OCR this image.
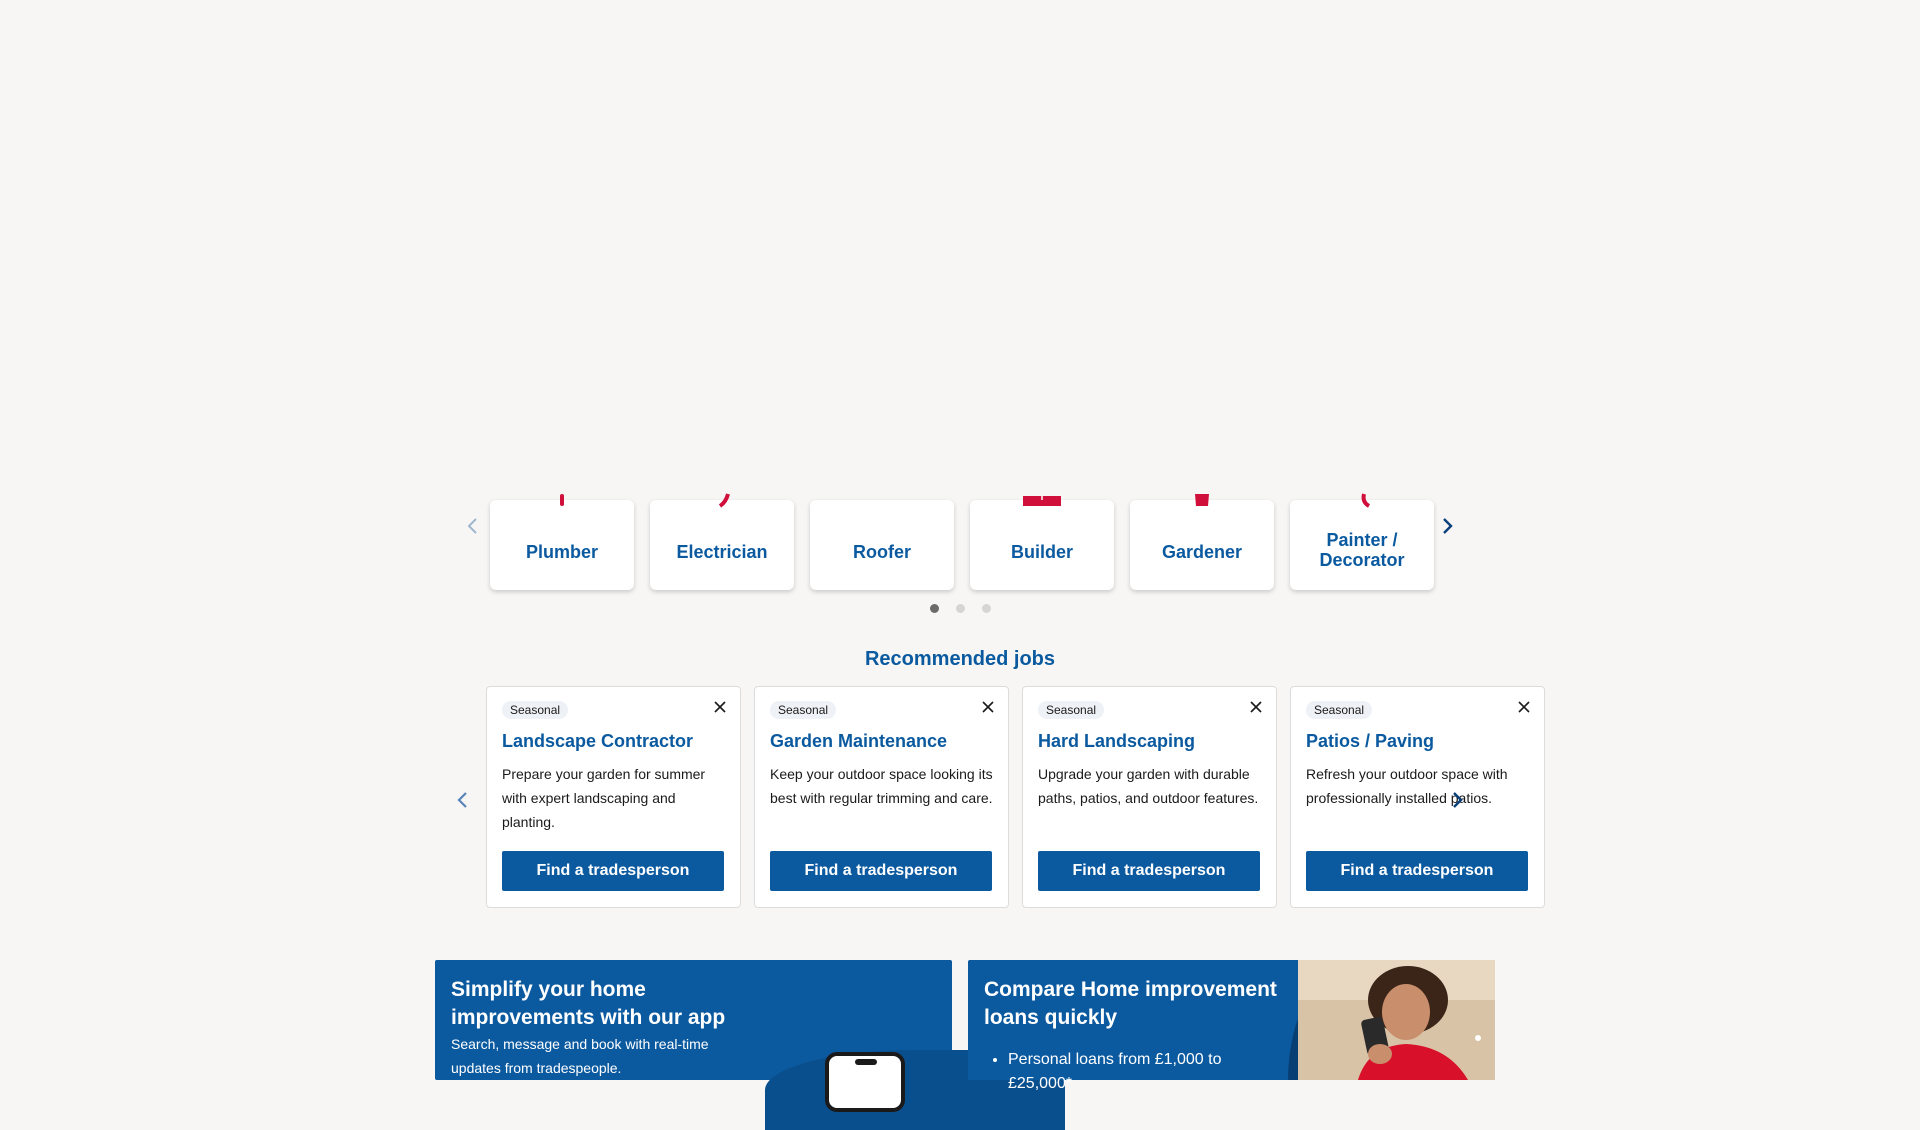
Plumber	Electrician	Roofer	Builder	Gardener
Painter / Decorator
Recommended jobs
Seasonal
Landscape Contractor

Prepare your garden for summer with expert landscaping and planting.

Find a tradesperson
Seasonal
Garden Maintenance

Keep your outdoor space looking its best with regular trimming and care.

Find a tradesperson
Seasonal
Hard Landscaping

Upgrade your garden with durable paths, patios, and outdoor features.

Find a tradesperson
Seasonal
Patios / Paving

Refresh your outdoor space with professionally installed patios.

Find a tradesperson
Simplify your home improvements with our app

Search, message and book with real-time updates from tradespeople.

Compare Home improvement loans quickly
• Personal loans from £1,000 to £25,000*
